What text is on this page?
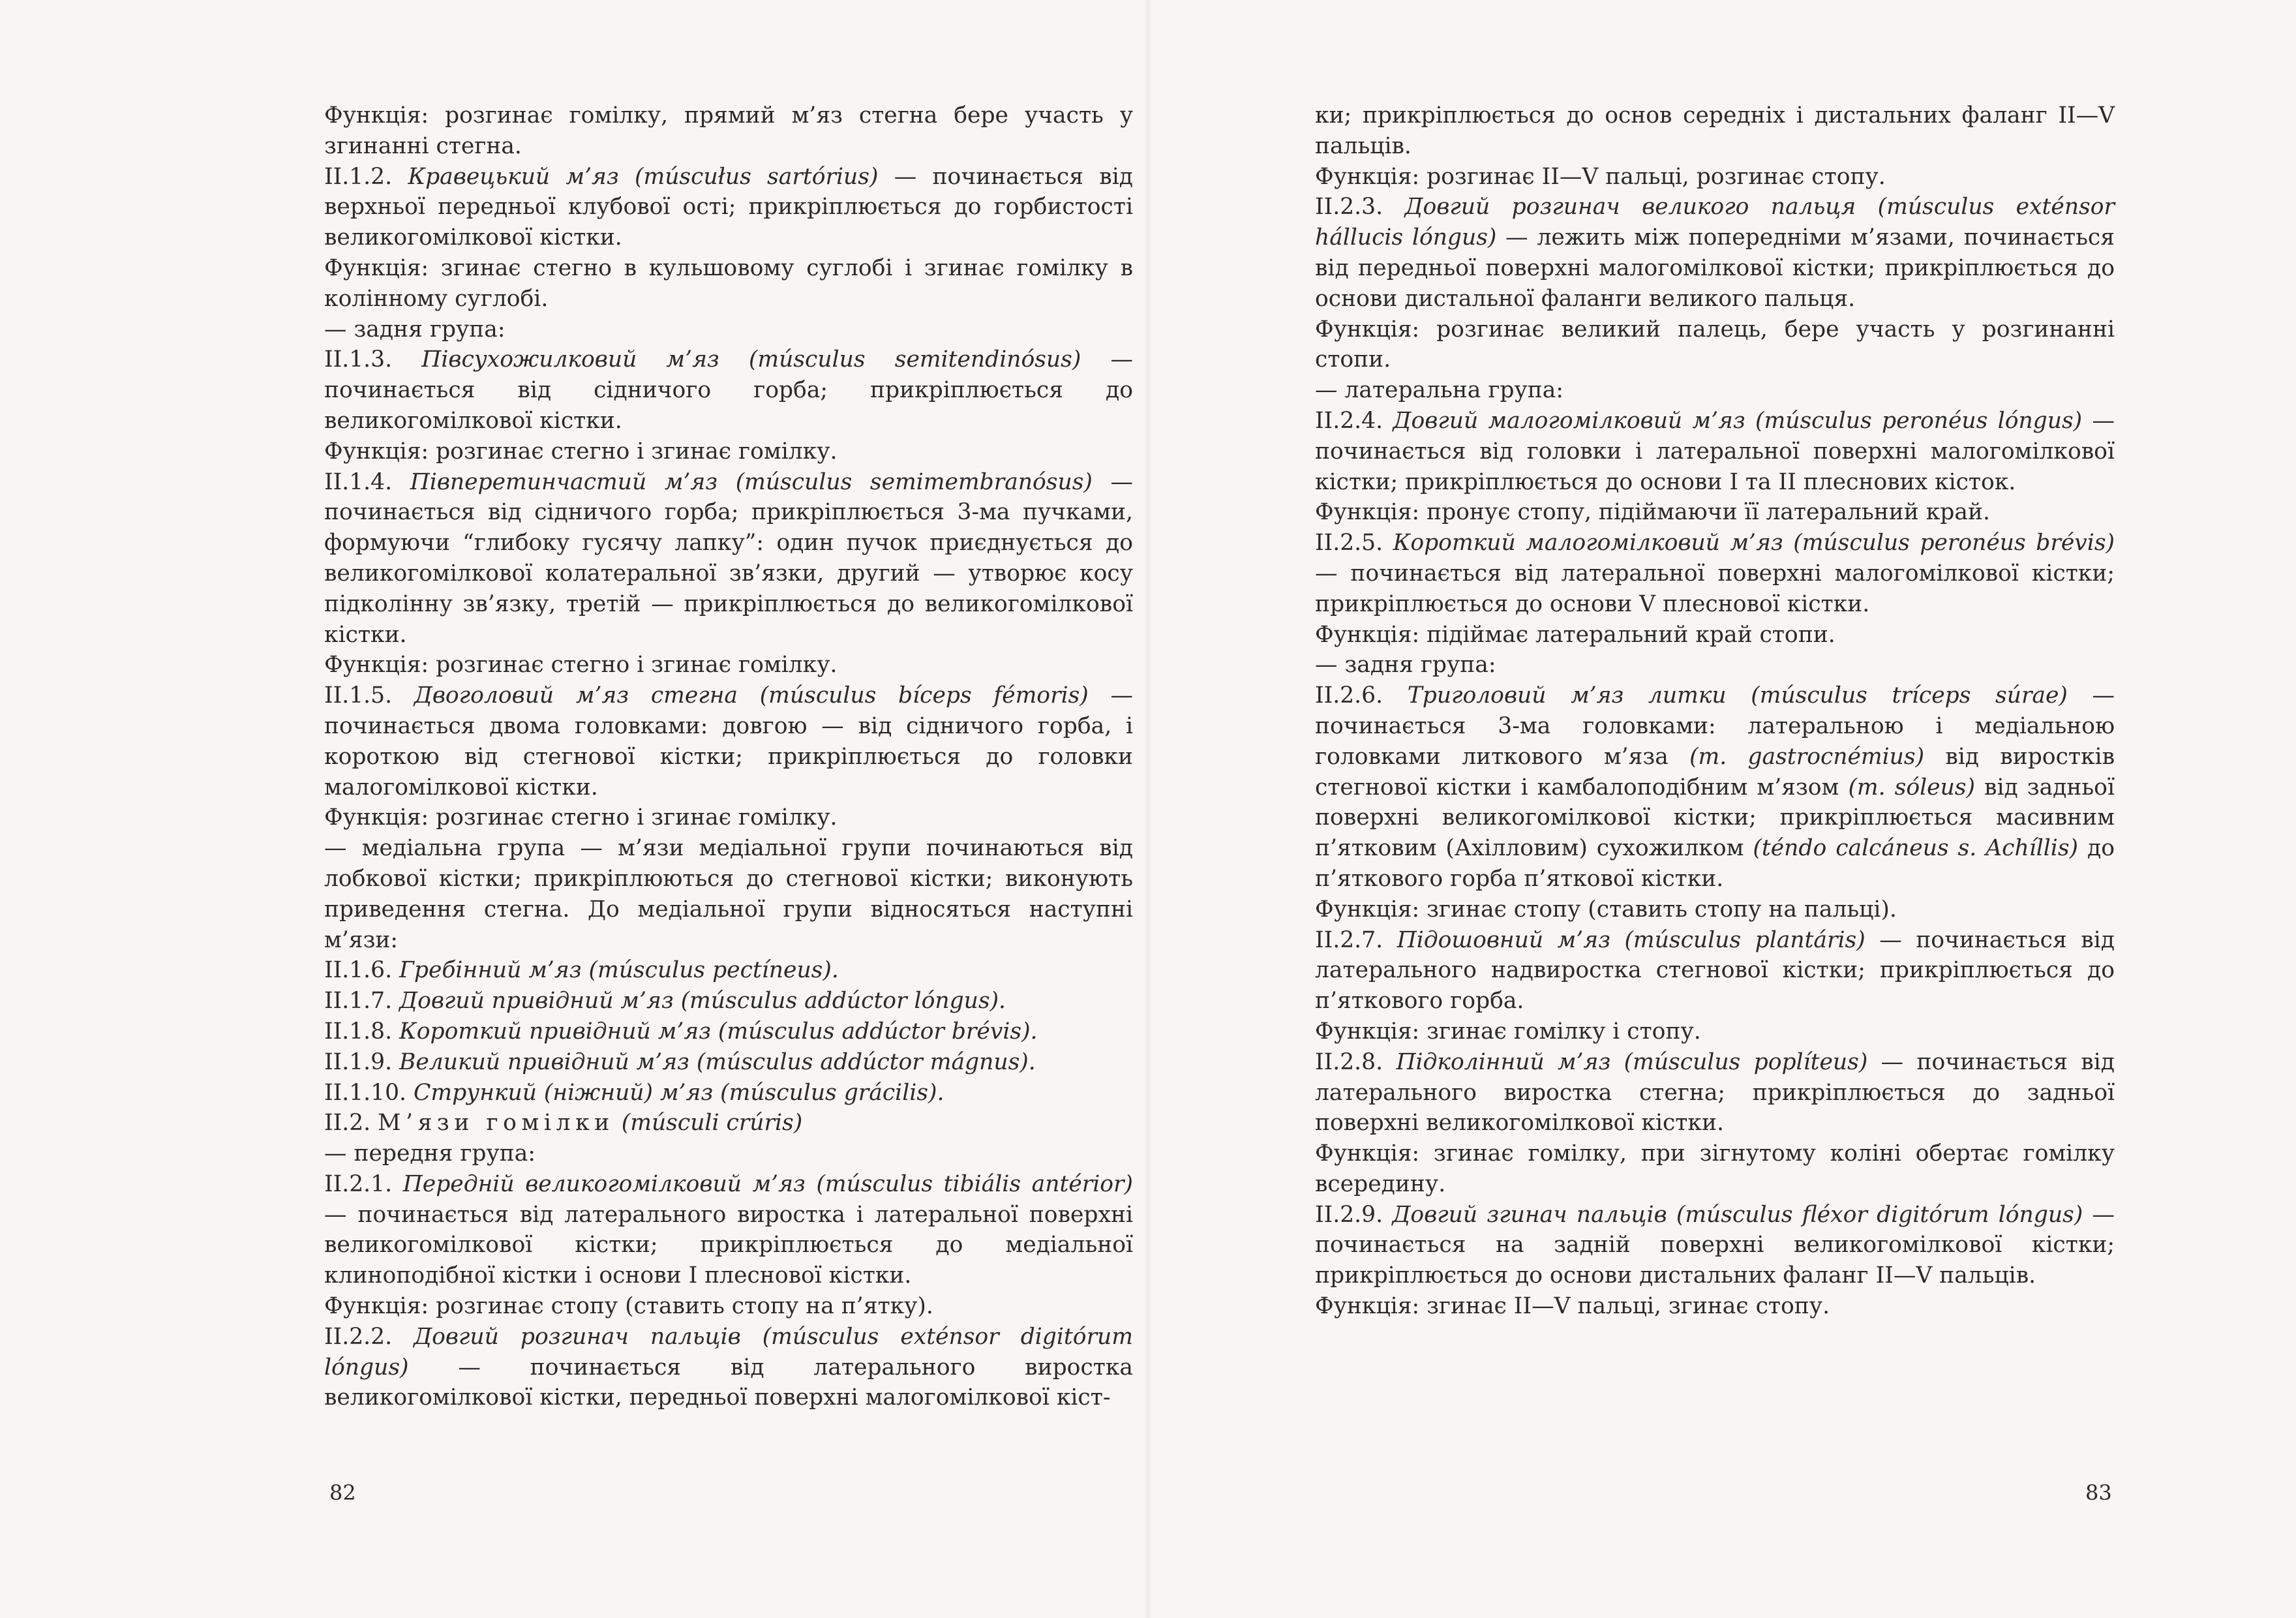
Функція: розгинає гомілку, прямий м’яз стегна бере участь у згинанні стегна.

II.1.2. Кравецький м’яз (múscułus sartórius) — починається від верхньої передньої клубової ості; прикріплюється до горбистості великогомілкової кістки.

Функція: згинає стегно в кульшовому суглобі і згинає гомілку в колінному суглобі.

— задня група:

II.1.3. Півсухожилковий м’яз (músculus semitendinósus) — починається від сідничого горба; прикріплюється до великогомілкової кістки.

Функція: розгинає стегно і згинає гомілку.

II.1.4. Півперетинчастий м’яз (músculus semimembranósus) — починається від сідничого горба; прикріплюється 3-ма пучками, формуючи “глибоку гусячу лапку”: один пучок приєднується до великогомілкової колатеральної зв’язки, другий — утворює косу підколінну зв’язку, третій — прикріплюється до великогомілкової кістки.

Функція: розгинає стегно і згинає гомілку.

II.1.5. Двоголовий м’яз стегна (músculus bíceps fémoris) — починається двома головками: довгою — від сідничого горба, і короткою від стегнової кістки; прикріплюється до головки малогомілкової кістки.

Функція: розгинає стегно і згинає гомілку.

— медіальна група — м’язи медіальної групи починаються від лобкової кістки; прикріплюються до стегнової кістки; виконують приведення стегна. До медіальної групи відносяться наступні м’язи:

II.1.6. Гребінний м’яз (músculus pectíneus).

II.1.7. Довгий привідний м’яз (músculus addúctor lóngus).

II.1.8. Короткий привідний м’яз (músculus addúctor brévis).

II.1.9. Великий привідний м’яз (músculus addúctor mágnus).

II.1.10. Стрункий (ніжний) м’яз (músculus grácilis).

II.2. М’язи гомілки (músculi crúris)

— передня група:

II.2.1. Передній великогомілковий м’яз (músculus tibiális antérior) — починається від латерального виростка і латеральної поверхні великогомілкової кістки; прикріплюється до медіальної клиноподібної кістки і основи I плеснової кістки.

Функція: розгинає стопу (ставить стопу на п’ятку).

II.2.2. Довгий розгинач пальців (músculus exténsor digitórum lóngus) — починається від латерального виростка великогомілкової кістки, передньої поверхні малогомілкової кіст-

82

ки; прикріплюється до основ середніх і дистальних фаланг II—V пальців.

Функція: розгинає II—V пальці, розгинає стопу.

II.2.3. Довгий розгинач великого пальця (músculus exténsor hállucis lóngus) — лежить між попередніми м’язами, починається від передньої поверхні малогомілкової кістки; прикріплюється до основи дистальної фаланги великого пальця.

Функція: розгинає великий палець, бере участь у розгинанні стопи.

— латеральна група:

II.2.4. Довгий малогомілковий м’яз (músculus peronéus lóngus) — починається від головки і латеральної поверхні малогомілкової кістки; прикріплюється до основи I та II плеснових кісток.

Функція: пронує стопу, підіймаючи її латеральний край.

II.2.5. Короткий малогомілковий м’яз (músculus peronéus brévis) — починається від латеральної поверхні малогомілкової кістки; прикріплюється до основи V плеснової кістки.

Функція: підіймає латеральний край стопи.

— задня група:

II.2.6. Триголовий м’яз литки (músculus tríceps súrae) — починається 3-ма головками: латеральною і медіальною головками литкового м’яза (m. gastrocnémius) від виростків стегнової кістки і камбалоподібним м’язом (m. sóleus) від задньої поверхні великогомілкової кістки; прикріплюється масивним п’ятковим (Ахілловим) сухожилком (téndo calcáneus s. Achíllis) до п’яткового горба п’яткової кістки.

Функція: згинає стопу (ставить стопу на пальці).

II.2.7. Підошовний м’яз (músculus plantáris) — починається від латерального надвиростка стегнової кістки; прикріплюється до п’яткового горба.

Функція: згинає гомілку і стопу.

II.2.8. Підколінний м’яз (músculus poplíteus) — починається від латерального виростка стегна; прикріплюється до задньої поверхні великогомілкової кістки.

Функція: згинає гомілку, при зігнутому коліні обертає гомілку всередину.

II.2.9. Довгий згинач пальців (músculus fléxor digitórum lóngus) — починається на задній поверхні великогомілкової кістки; прикріплюється до основи дистальних фаланг II—V пальців.

Функція: згинає II—V пальці, згинає стопу.

83
